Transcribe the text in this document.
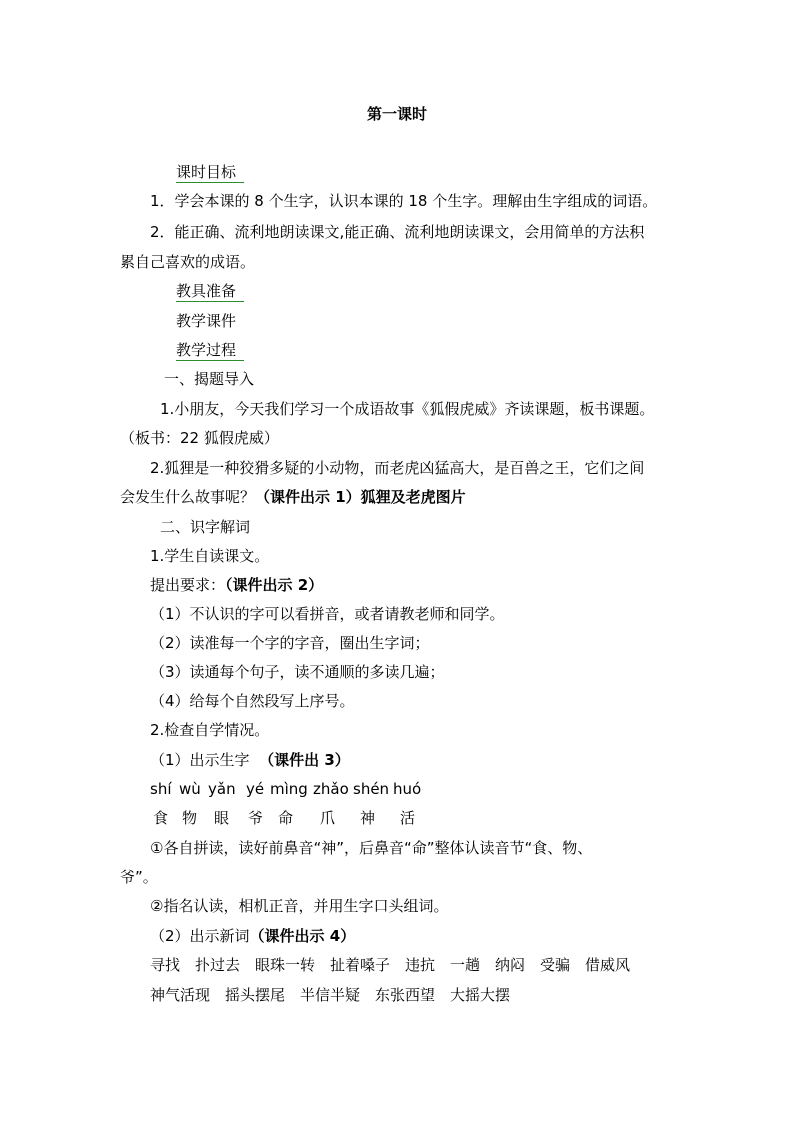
第一课时
课时目标
1．学会本课的 8 个生字，认识本课的 18 个生字。理解由生字组成的词语。
2．能正确、流利地朗读课文,能正确、流利地朗读课文，会用简单的方法积
累自己喜欢的成语。
教具准备
教学课件
教学过程
一、揭题导入
1.小朋友，今天我们学习一个成语故事《狐假虎威》齐读课题，板书课题。
（板书：22 狐假虎威）
2.狐狸是一种狡猾多疑的小动物，而老虎凶猛高大，是百兽之王，它们之间
会发生什么故事呢？（课件出示 1）狐狸及老虎图片
二、识字解词
1.学生自读课文。
提出要求：（课件出示 2）
（1）不认识的字可以看拼音，或者请教老师和同学。
（2）读准每一个字的字音，圈出生字词；
（3）读通每个句子，读不通顺的多读几遍；
（4）给每个自然段写上序号。
2.检查自学情况。
（1）出示生字 （课件出 3）
shí wù yǎn yé mìng zhǎo shén huó
食 物 眼 爷 命 爪 神 活
①各自拼读，读好前鼻音“神”，后鼻音“命”整体认读音节“食、物、
爷”。
②指名认读，相机正音，并用生字口头组词。
（2）出示新词（课件出示 4）
寻找　扑过去　眼珠一转　扯着嗓子　违抗　一趟　纳闷　受骗　借威风
神气活现　摇头摆尾　半信半疑　东张西望　大摇大摆
